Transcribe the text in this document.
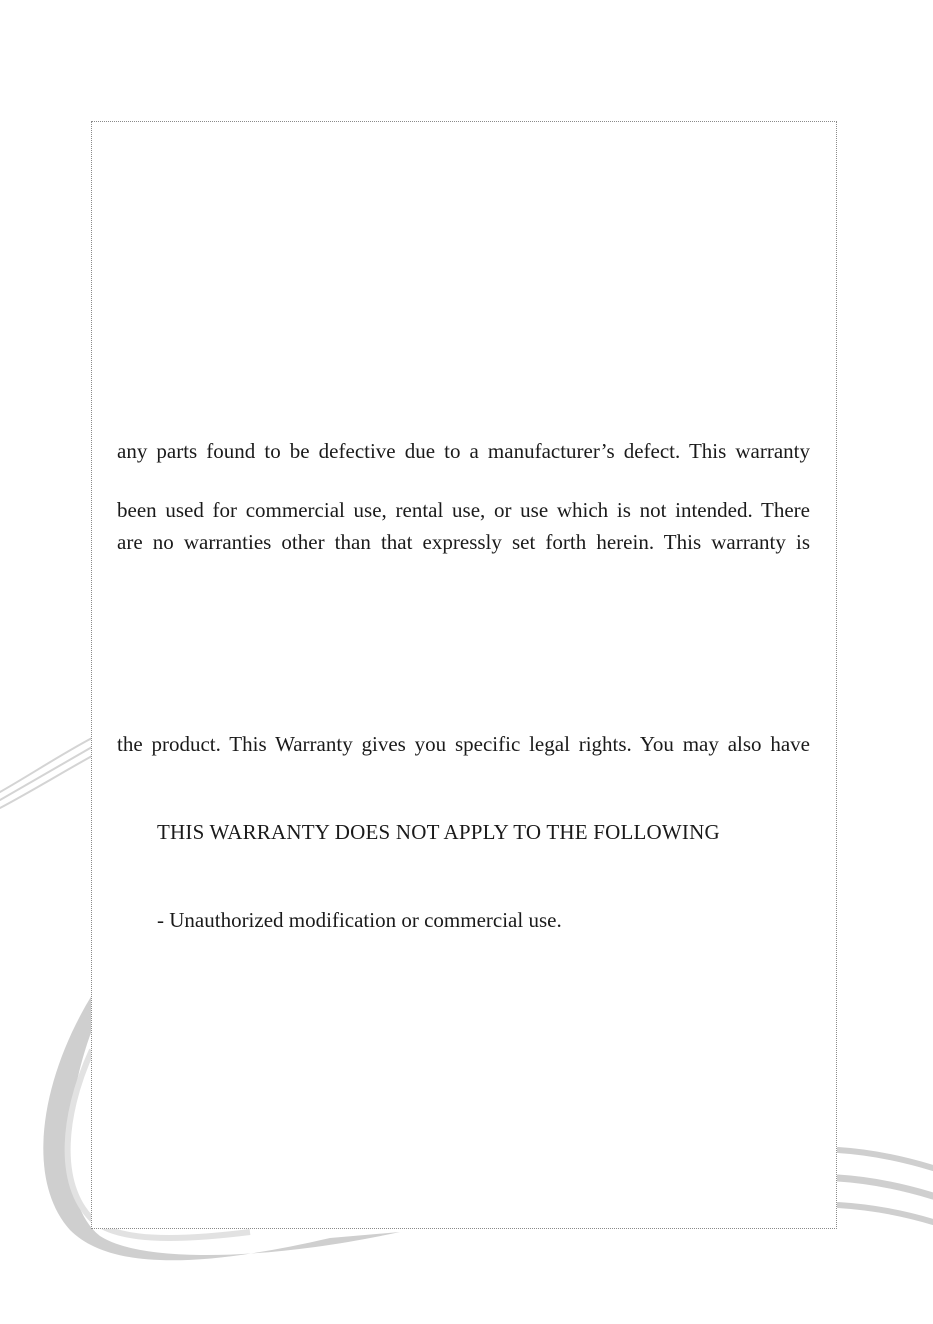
any parts found to be defective due to a manufacturer’s defect. This warranty
been used for commercial use, rental use, or use which is not intended. There
are no warranties other than that expressly set forth herein. This warranty is
the product. This Warranty gives you specific legal rights. You may also have
THIS WARRANTY DOES NOT APPLY TO THE FOLLOWING
- Unauthorized modification or commercial use.
